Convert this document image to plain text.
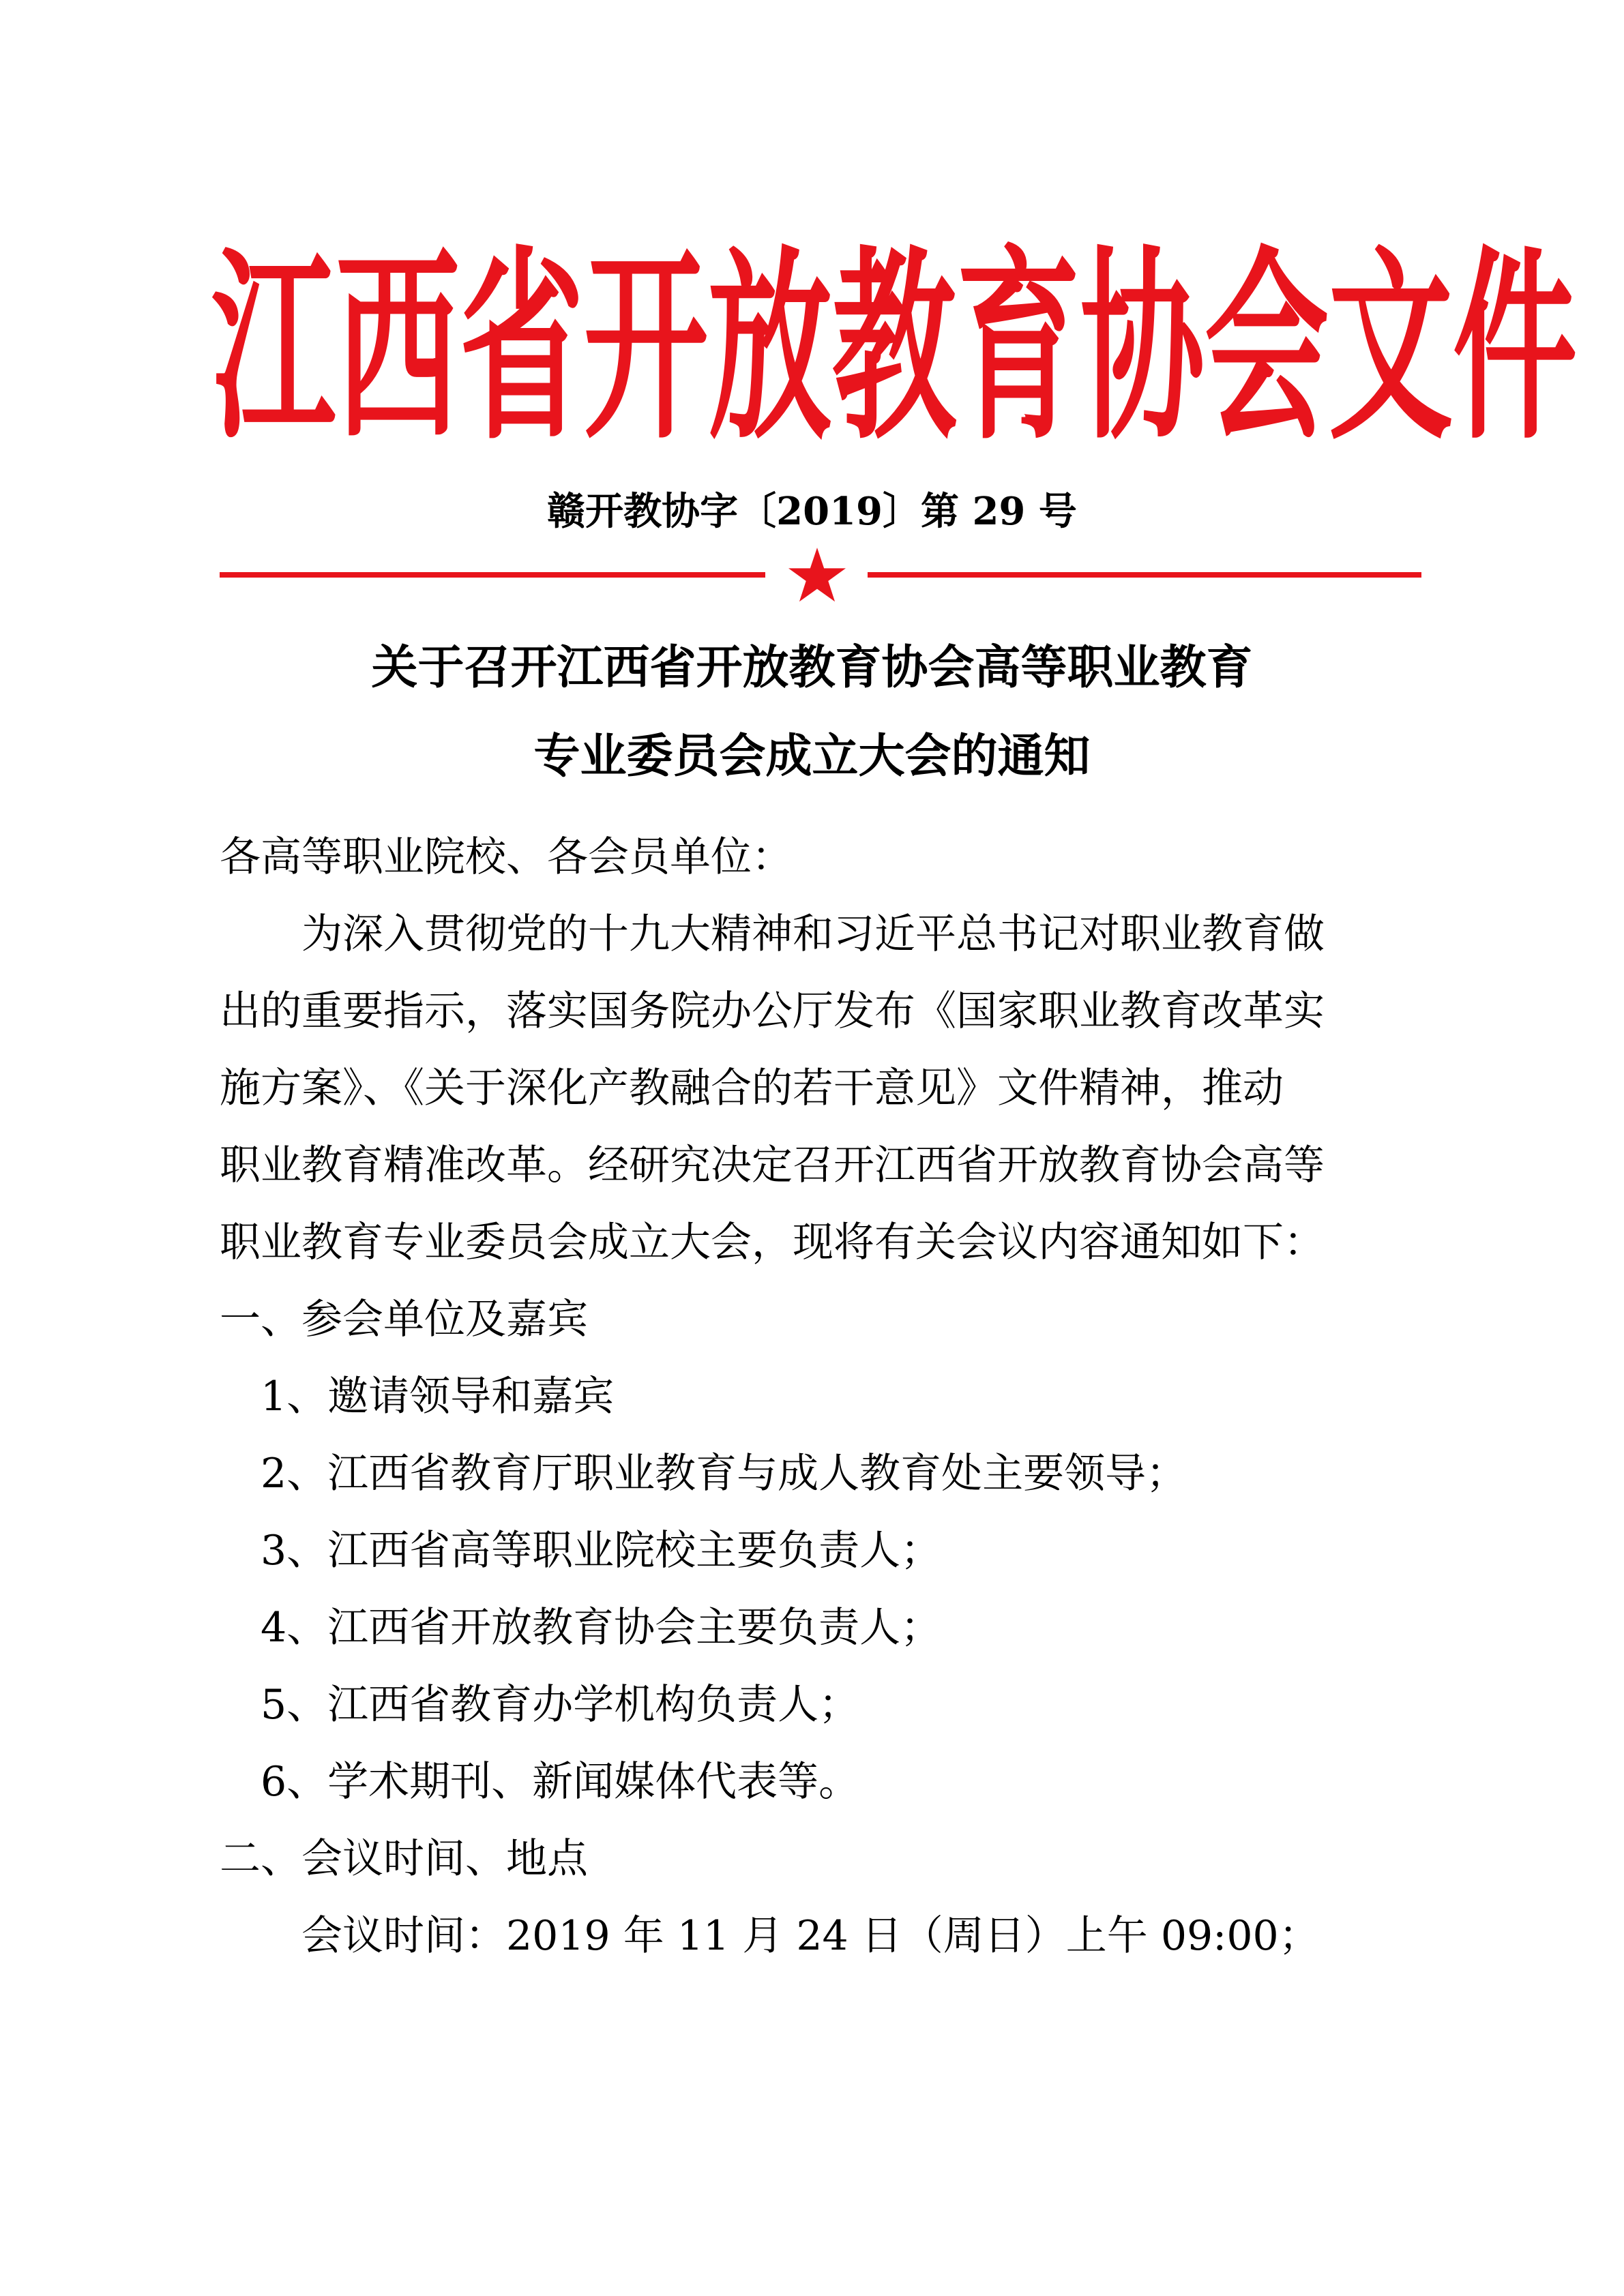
江西省开放教育协会文件
赣开教协字〔2019〕第 29 号
关于召开江西省开放教育协会高等职业教育
专业委员会成立大会的通知
各高等职业院校、各会员单位：
为深入贯彻党的十九大精神和习近平总书记对职业教育做
出的重要指示，落实国务院办公厅发布《国家职业教育改革实
施方案》、《关于深化产教融合的若干意见》文件精神，推动
职业教育精准改革。经研究决定召开江西省开放教育协会高等
职业教育专业委员会成立大会，现将有关会议内容通知如下：
一、参会单位及嘉宾
1、邀请领导和嘉宾
2、江西省教育厅职业教育与成人教育处主要领导；
3、江西省高等职业院校主要负责人；
4、江西省开放教育协会主要负责人；
5、江西省教育办学机构负责人；
6、学术期刊、新闻媒体代表等。
二、会议时间、地点
会议时间：2019 年 11 月 24 日（周日）上午 09:00；
